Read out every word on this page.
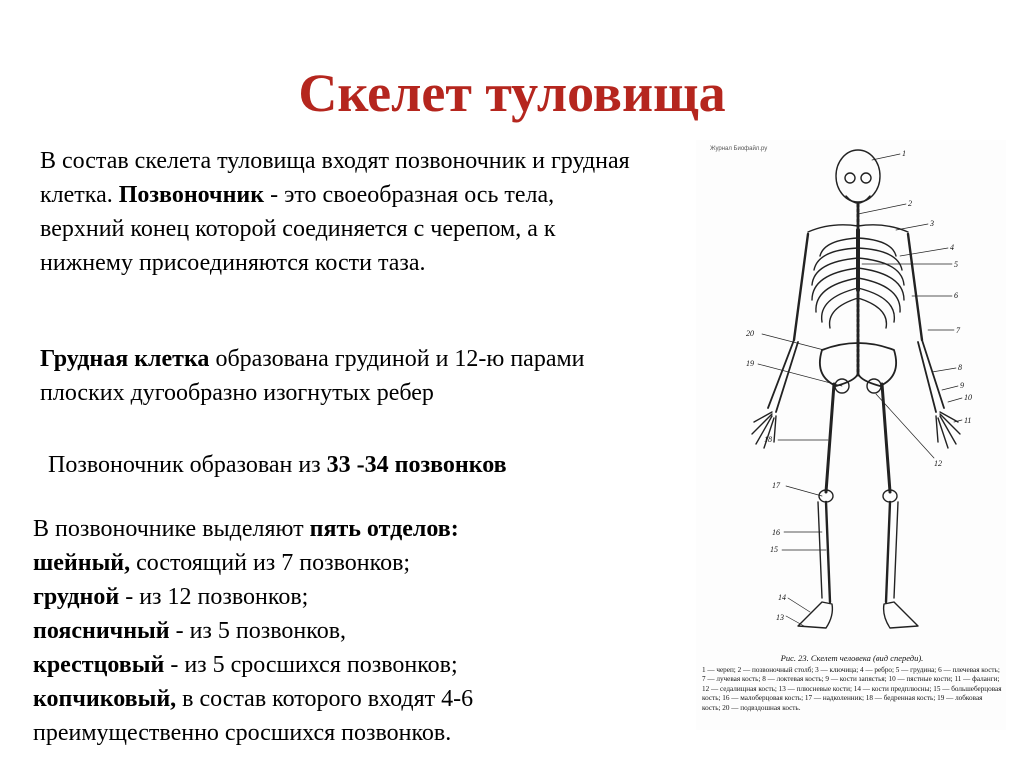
Скелет туловища
В состав скелета туловища входят позвоночник и грудная клетка. Позвоночник - это своеобразная ось тела, верхний конец которой соединяется с черепом, а к нижнему присоединяются кости таза.
Грудная клетка образована грудиной и 12-ю парами плоских дугообразно изогнутых ребер
Позвоночник образован из 33 -34 позвонков
В позвоночнике выделяют пять отделов:
шейный, состоящий из 7 позвонков;
грудной - из 12 позвонков;
поясничный - из 5 позвонков,
крестцовый - из 5 сросшихся позвонков;
копчиковый, в состав которого входят 4-6 преимущественно сросшихся позвонков.
Журнал Биофайл.ру	1
2
3
4
5
6
7
8
9
10
11
12
13
14
15
16
17
18
19
20
Рис. 23. Скелет человека (вид спереди).
1 — череп; 2 — позвоночный столб; 3 — ключица; 4 — ребро; 5 — грудина; 6 — плечевая кость; 7 — лучевая кость; 8 — локтевая кость; 9 — кости запястья; 10 — пястные кости; 11 — фаланги; 12 — седалищная кость; 13 — плюсневые кости; 14 — кости предплюсны; 15 — большеберцовая кость; 16 — малоберцовая кость; 17 — надколенник; 18 — бедренная кость; 19 — лобковая кость; 20 — подвздошная кость.
